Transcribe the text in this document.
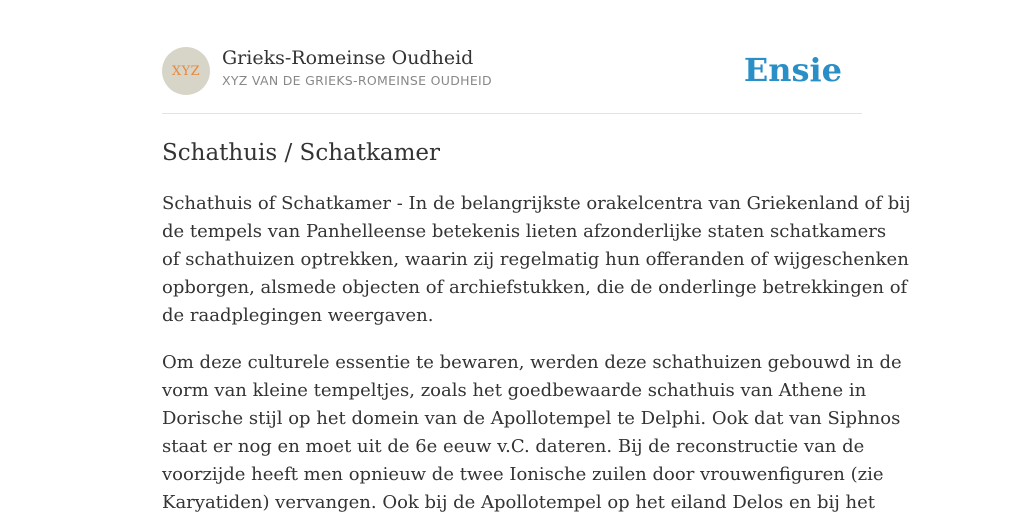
XYZ
Grieks-Romeinse Oudheid
XYZ VAN DE GRIEKS-ROMEINSE OUDHEID	Ensie
Schathuis / Schatkamer

Schathuis of Schatkamer - In de belangrijkste orakelcentra van Griekenland of bij
de tempels van Panhelleense betekenis lieten afzonderlijke staten schatkamers
of schathuizen optrekken, waarin zij regelmatig hun offeranden of wijgeschenken
opborgen, alsmede objecten of archiefstukken, die de onderlinge betrekkingen of
de raadplegingen weergaven.

Om deze culturele essentie te bewaren, werden deze schathuizen gebouwd in de
vorm van kleine tempeltjes, zoals het goedbewaarde schathuis van Athene in
Dorische stijl op het domein van de Apollotempel te Delphi. Ook dat van Siphnos
staat er nog en moet uit de 6e eeuw v.C. dateren. Bij de reconstructie van de
voorzijde heeft men opnieuw de twee Ionische zuilen door vrouwenfiguren (zie
Karyatiden) vervangen. Ook bij de Apollotempel op het eiland Delos en bij het
